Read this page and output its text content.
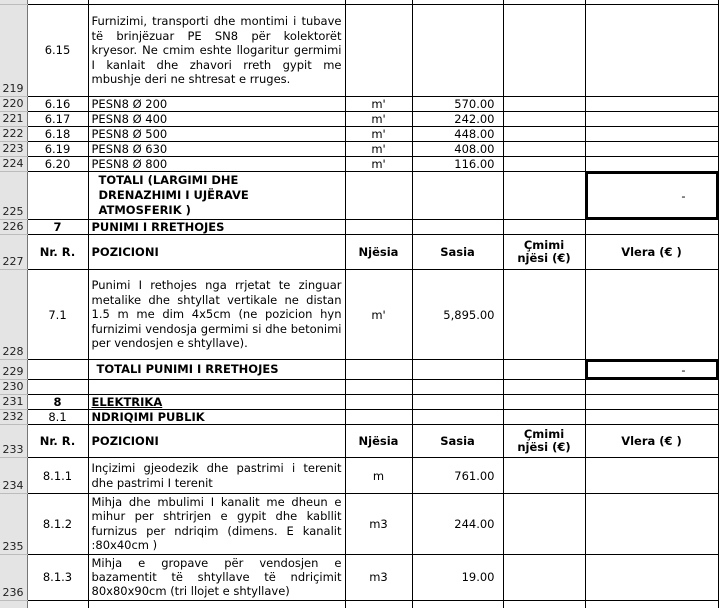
219	6.15	Furnizimi, transporti dhe montimi i tubave të brinjëzuar PE SN8 për kolektorët kryesor. Ne cmim eshte llogaritur germimi I kanlait dhe zhavori rreth gypit me mbushje deri ne shtresat e rruges.				
220	6.16	PESN8 Ø 200	m'	570.00		
221	6.17	PESN8 Ø 400	m'	242.00		
222	6.18	PESN8 Ø 500	m'	448.00		
223	6.19	PESN8 Ø 630	m'	408.00		
224	6.20	PESN8 Ø 800	m'	116.00		
225		TOTALI (LARGIMI DHE DRENAZHIMI I UJËRAVE ATMOSFERIK )				-
226	7	PUNIMI I RRETHOJES				
227	Nr. R.	POZICIONI	Njësia	Sasia	Çmimi njësi (€)	Vlera (€ )
228	7.1	Punimi I rethojes nga rrjetat te zinguar metalike dhe shtyllat vertikale ne distan 1.5 m me dim 4x5cm (ne pozicion hyn furnizimi vendosja germimi si dhe betonimi per vendosjen e shtyllave).	m'	5,895.00		
229		TOTALI PUNIMI I RRETHOJES				-
230						
231	8	ELEKTRIKA				
232	8.1	NDRIQIMI PUBLIK				
233	Nr. R.	POZICIONI	Njësia	Sasia	Çmimi njësi (€)	Vlera (€ )
234	8.1.1	Inçizimi gjeodezik dhe pastrimi i terenit dhe pastrimi I terenit	m	761.00		
235	8.1.2	Mihja dhe mbulimi I kanalit me dheun e mihur per shtrirjen e gypit dhe kabllit furnizus per ndriqim (dimens. E kanalit :80x40cm )	m3	244.00		
236	8.1.3	Mihja e gropave për vendosjen e bazamentit të shtyllave të ndriçimit 80x80x90cm (tri llojet e shtyllave)	m3	19.00		
